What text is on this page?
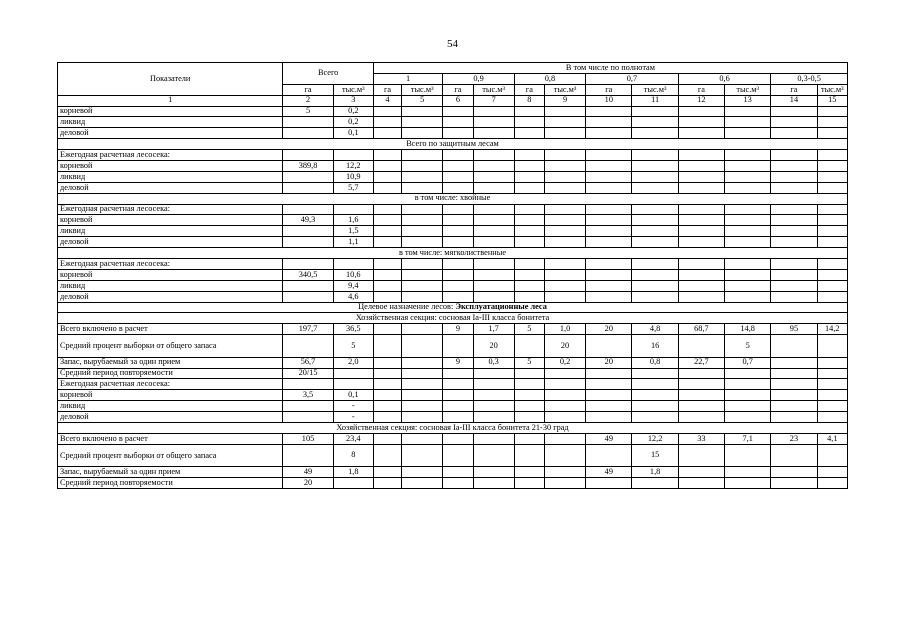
54
Показатели	Всего		В том числе по полнотам											
			1		0,9		0,8		0,7		0,6		0,3-0,5	
	га	тыс.м³	га	тыс.м³	га	тыс.м³	га	тыс.м³	га	тыс.м³	га	тыс.м³	га	тыс.м³
1	2	3	4	5	6	7	8	9	10	11	12	13	14	15
корневой	5	0,2												
ликвид		0,2												
деловой		0,1												
Всего по защитным лесам														
Ежегодная расчетная лесосека:														
корневой	389,8	12,2												
ликвид		10,9												
деловой		5,7												
в том числе: хвойные														
Ежегодная расчетная лесосека:														
корневой	49,3	1,6												
ликвид		1,5												
деловой		1,1												
в том числе: мягколиственные														
Ежегодная расчетная лесосека:														
корневой	340,5	10,6												
ликвид		9,4												
деловой		4,6												
Целевое назначение лесов: Эксплуатационные леса														
Хозяйственная секция: сосновая Ia-III класса бонитета														
Всего включено в расчет	197,7	36,5			9	1,7	5	1,0	20	4,8	68,7	14,8	95	14,2
Средний процент выборки от общего запаса		5				20		20		16		5		
Запас, вырубаемый за один прием	56,7	2,0			9	0,3	5	0,2	20	0,8	22,7	0,7		
Средний период повторяемости	20/15													
Ежегодная расчетная лесосека:														
корневой	3,5	0,1												
ликвид		-												
деловой		-												
Хозяйственная секция: сосновая Ia-III класса бонитета 21-30 град														
Всего включено в расчет	105	23,4							49	12,2	33	7,1	23	4,1
Средний процент выборки от общего запаса		8								15				
Запас, вырубаемый за один прием	49	1,8							49	1,8				
Средний период повторяемости	20													
